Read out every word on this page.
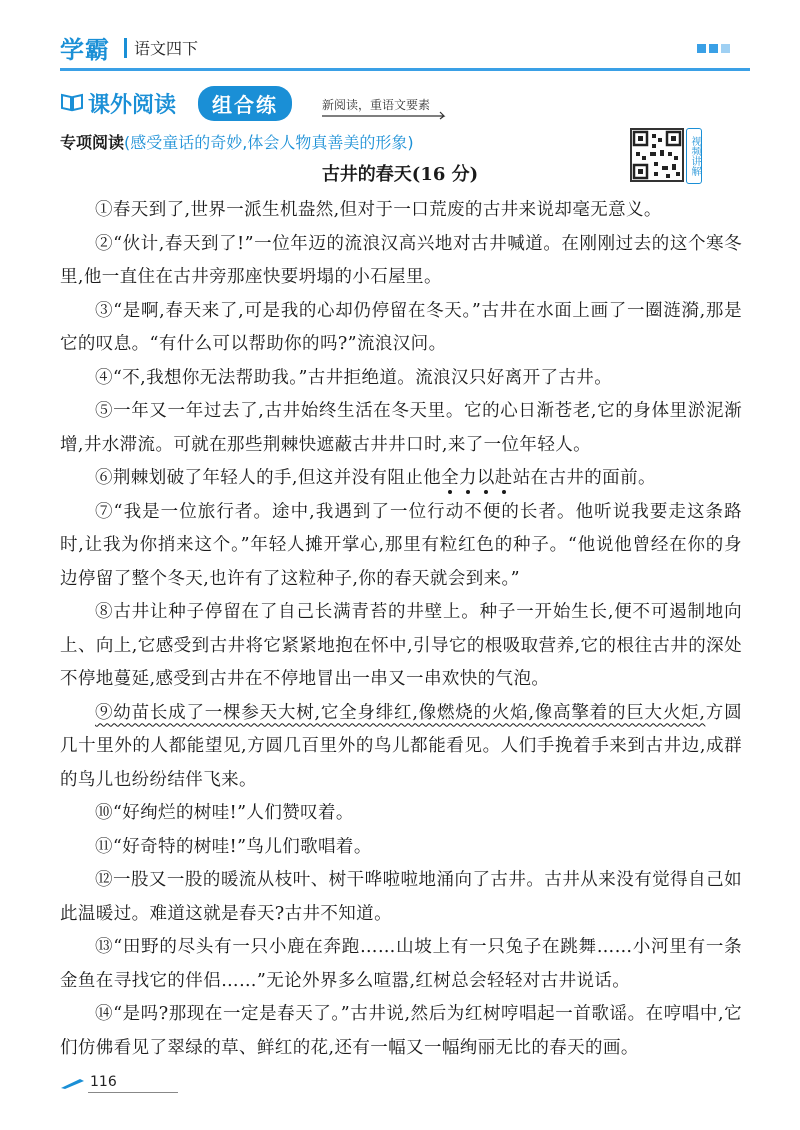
学霸 语文四下
课外阅读	组合练	新阅读，重语文要素
专项阅读(感受童话的奇妙,体会人物真善美的形象)	视频讲解
古井的春天(16 分)

①春天到了,世界一派生机盎然,但对于一口荒废的古井来说却毫无意义。

②“伙计,春天到了!”一位年迈的流浪汉高兴地对古井喊道。在刚刚过去的这个寒冬里,他一直住在古井旁那座快要坍塌的小石屋里。

③“是啊,春天来了,可是我的心却仍停留在冬天。”古井在水面上画了一圈涟漪,那是它的叹息。“有什么可以帮助你的吗?”流浪汉问。

④“不,我想你无法帮助我。”古井拒绝道。流浪汉只好离开了古井。

⑤一年又一年过去了,古井始终生活在冬天里。它的心日渐苍老,它的身体里淤泥渐增,井水滞流。可就在那些荆棘快遮蔽古井井口时,来了一位年轻人。

⑥荆棘划破了年轻人的手,但这并没有阻止他全力以赴站在古井的面前。

⑦“我是一位旅行者。途中,我遇到了一位行动不便的长者。他听说我要走这条路时,让我为你捎来这个。”年轻人摊开掌心,那里有粒红色的种子。“他说他曾经在你的身边停留了整个冬天,也许有了这粒种子,你的春天就会到来。”

⑧古井让种子停留在了自己长满青苔的井壁上。种子一开始生长,便不可遏制地向上、向上,它感受到古井将它紧紧地抱在怀中,引导它的根吸取营养,它的根往古井的深处不停地蔓延,感受到古井在不停地冒出一串又一串欢快的气泡。

⑨幼苗长成了一棵参天大树,它全身绯红,像燃烧的火焰,像高擎着的巨大火炬,方圆几十里外的人都能望见,方圆几百里外的鸟儿都能看见。人们手挽着手来到古井边,成群的鸟儿也纷纷结伴飞来。

⑩“好绚烂的树哇!”人们赞叹着。

⑪“好奇特的树哇!”鸟儿们歌唱着。

⑫一股又一股的暖流从枝叶、树干哗啦啦地涌向了古井。古井从来没有觉得自己如此温暖过。难道这就是春天?古井不知道。

⑬“田野的尽头有一只小鹿在奔跑……山坡上有一只兔子在跳舞……小河里有一条金鱼在寻找它的伴侣……”无论外界多么喧嚣,红树总会轻轻对古井说话。

⑭“是吗?那现在一定是春天了。”古井说,然后为红树哼唱起一首歌谣。在哼唱中,它们仿佛看见了翠绿的草、鲜红的花,还有一幅又一幅绚丽无比的春天的画。

116
